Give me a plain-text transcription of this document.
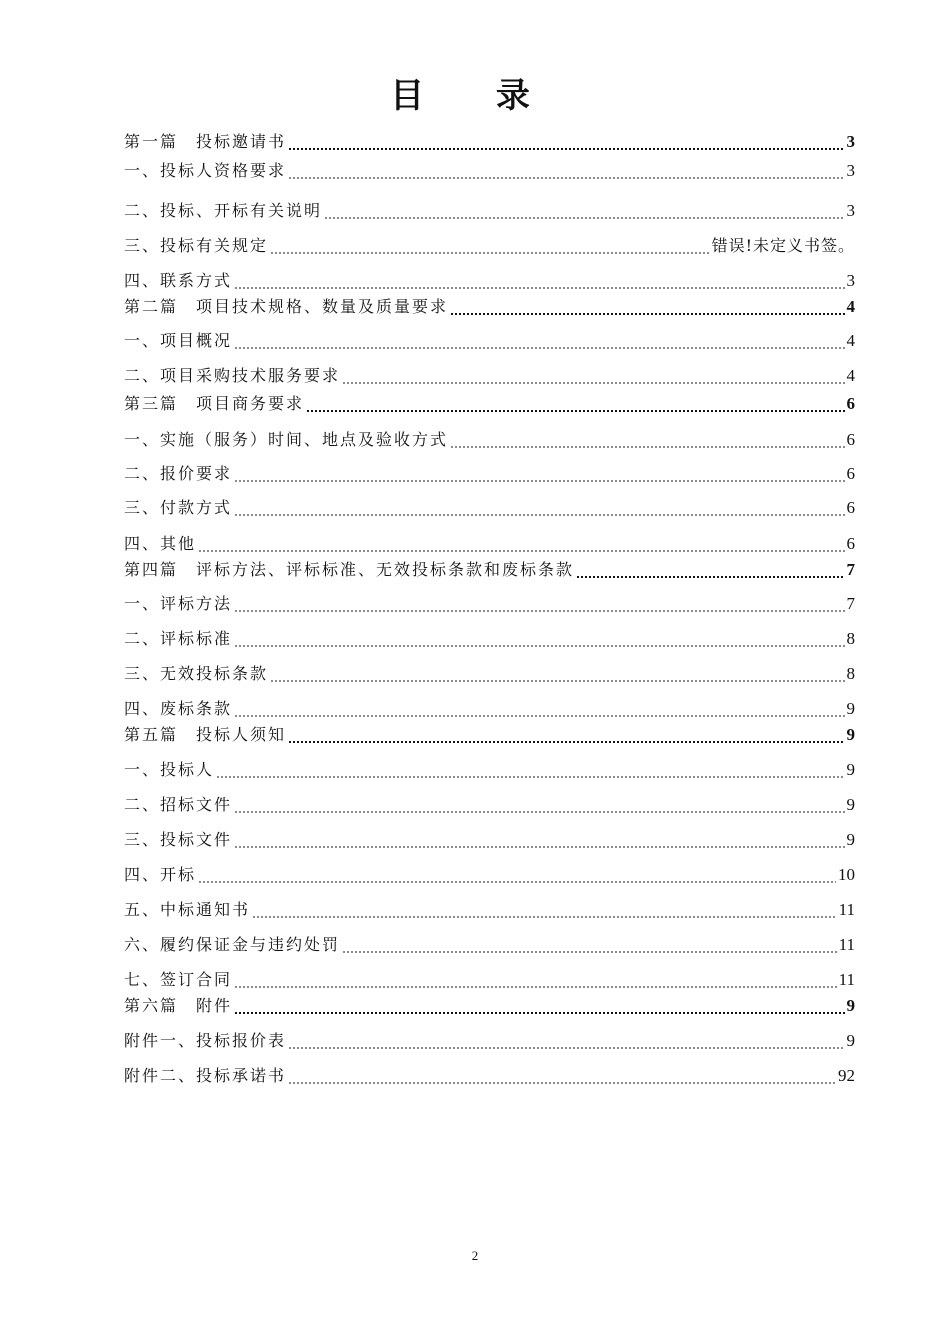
目 录
第一篇　投标邀请书	3
一、投标人资格要求	3
二、投标、开标有关说明	3
三、投标有关规定	错误!未定义书签。
四、联系方式	3
第二篇　项目技术规格、数量及质量要求	4
一、项目概况	4
二、项目采购技术服务要求	4
第三篇　项目商务要求	6
一、实施（服务）时间、地点及验收方式	6
二、报价要求	6
三、付款方式	6
四、其他	6
第四篇　评标方法、评标标准、无效投标条款和废标条款	7
一、评标方法	7
二、评标标准	8
三、无效投标条款	8
四、废标条款	9
第五篇　投标人须知	9
一、投标人	9
二、招标文件	9
三、投标文件	9
四、开标	10
五、中标通知书	11
六、履约保证金与违约处罚	11
七、签订合同	11
第六篇　附件	9
附件一、投标报价表	9
附件二、投标承诺书	92
2
